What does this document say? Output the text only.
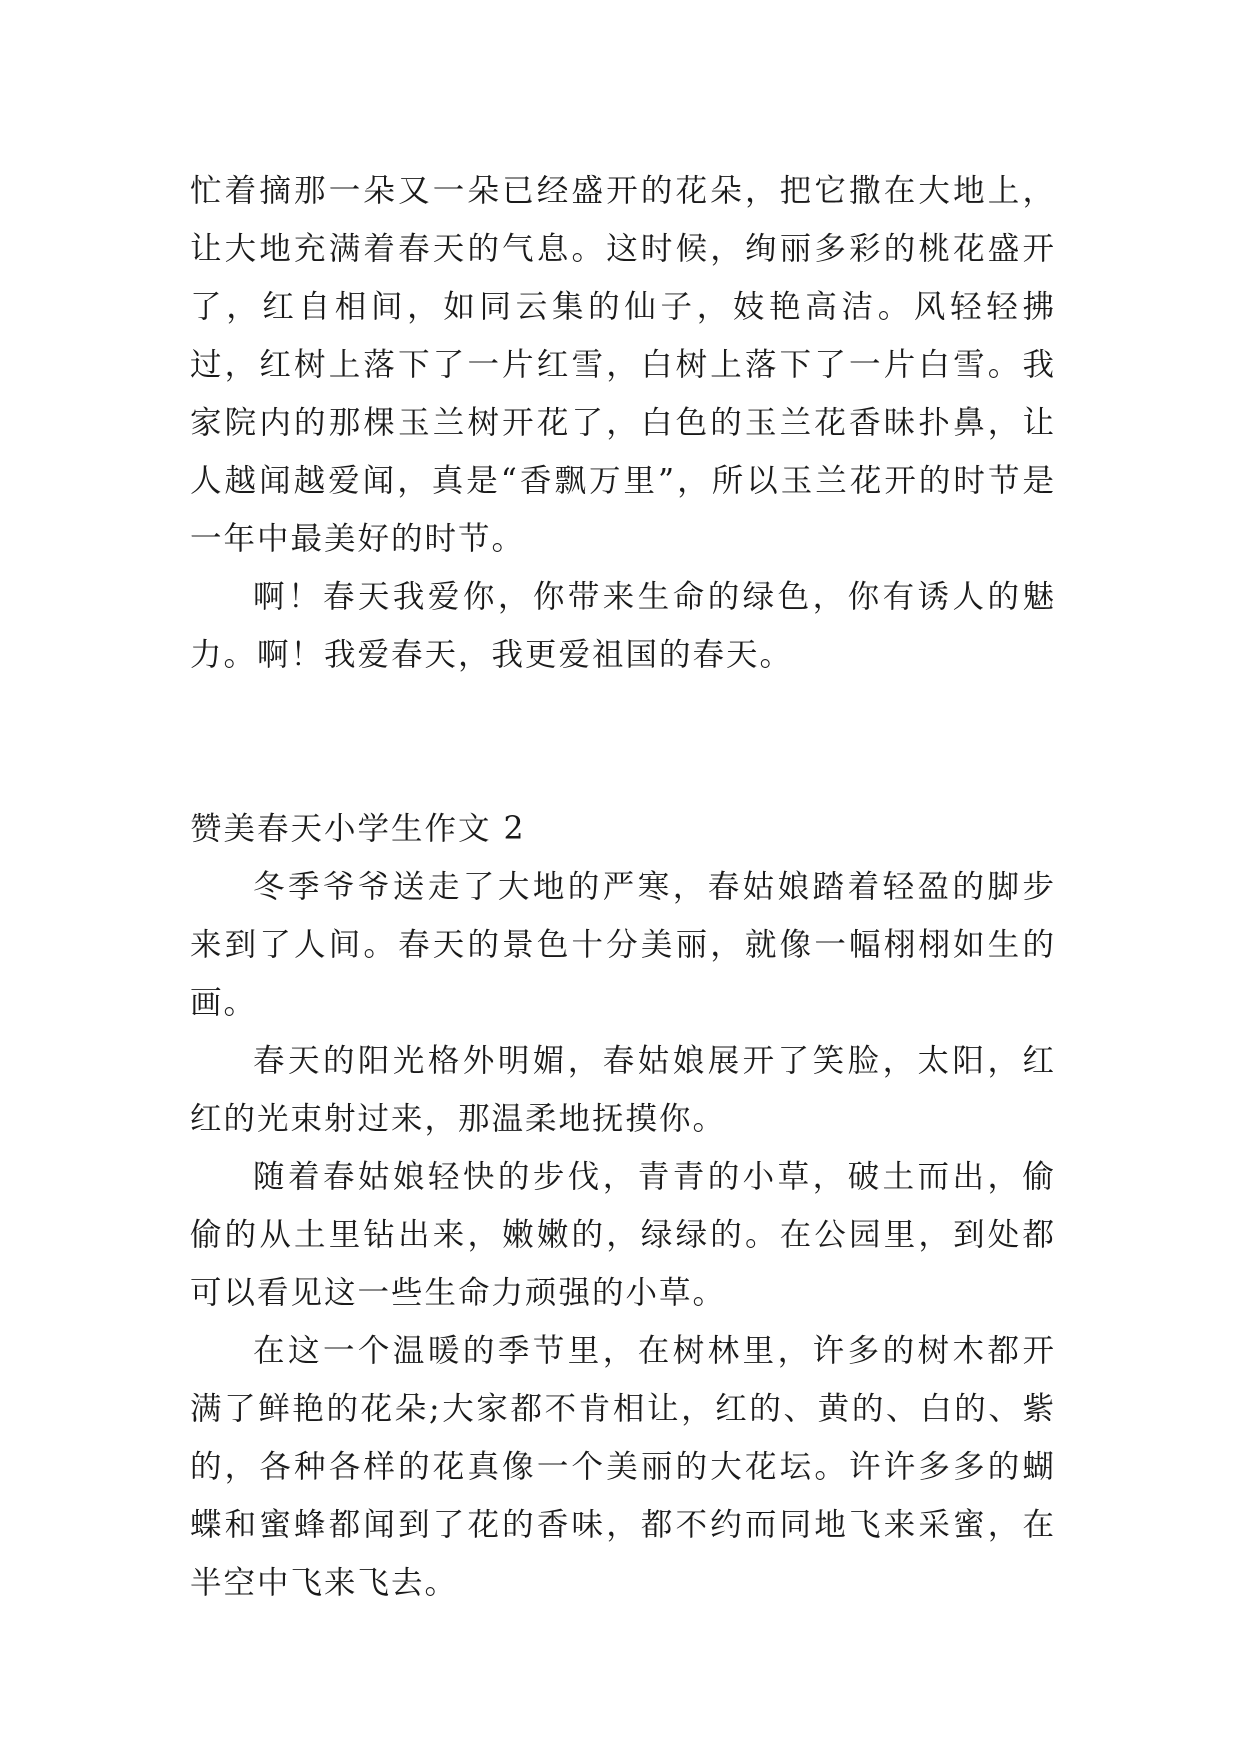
忙着摘那一朵又一朵已经盛开的花朵，把它撒在大地上，让大地充满着春天的气息。这时候，绚丽多彩的桃花盛开了，红自相间，如同云集的仙子，妓艳高洁。风轻轻拂过，红树上落下了一片红雪，白树上落下了一片白雪。我家院内的那棵玉兰树开花了，白色的玉兰花香昧扑鼻，让人越闻越爱闻，真是“香飘万里”，所以玉兰花开的时节是一年中最美好的时节。

啊！春天我爱你，你带来生命的绿色，你有诱人的魅力。啊！我爱春天，我更爱祖国的春天。

赞美春天小学生作文 2

冬季爷爷送走了大地的严寒，春姑娘踏着轻盈的脚步来到了人间。春天的景色十分美丽，就像一幅栩栩如生的画。

春天的阳光格外明媚，春姑娘展开了笑脸，太阳，红红的光束射过来，那温柔地抚摸你。

随着春姑娘轻快的步伐，青青的小草，破土而出，偷偷的从土里钻出来，嫩嫩的，绿绿的。在公园里，到处都可以看见这一些生命力顽强的小草。

在这一个温暖的季节里，在树林里，许多的树木都开满了鲜艳的花朵;大家都不肯相让，红的、黄的、白的、紫的，各种各样的花真像一个美丽的大花坛。许许多多的蝴蝶和蜜蜂都闻到了花的香味，都不约而同地飞来采蜜，在半空中飞来飞去。
